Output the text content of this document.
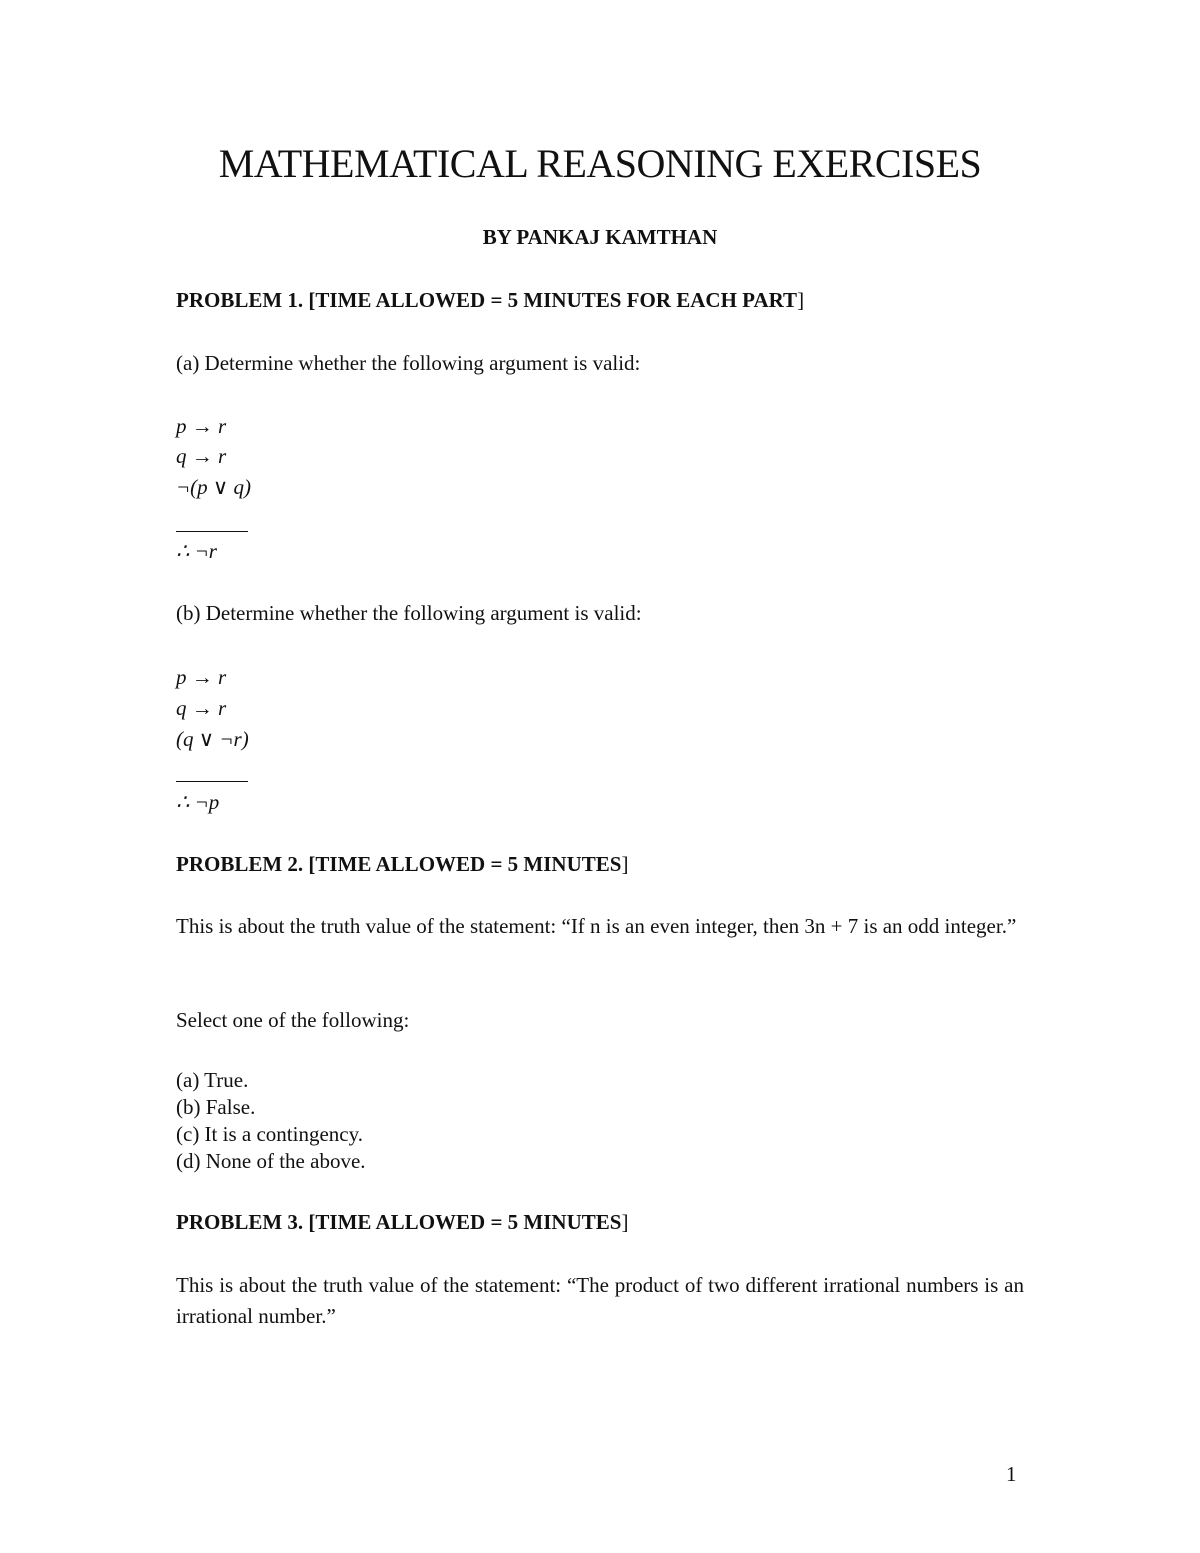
MATHEMATICAL REASONING EXERCISES
BY PANKAJ KAMTHAN
PROBLEM 1. [TIME ALLOWED = 5 MINUTES FOR EACH PART]
(a) Determine whether the following argument is valid:
p → r
q → r
¬(p ∨ q)
∴ ¬r
(b) Determine whether the following argument is valid:
p → r
q → r
(q ∨ ¬r)
∴ ¬p
PROBLEM 2. [TIME ALLOWED = 5 MINUTES]
This is about the truth value of the statement: “If n is an even integer, then 3n + 7 is an odd integer.”
Select one of the following:
(a) True.
(b) False.
(c) It is a contingency.
(d) None of the above.
PROBLEM 3. [TIME ALLOWED = 5 MINUTES]
This is about the truth value of the statement: “The product of two different irrational numbers is an irrational number.”
1
